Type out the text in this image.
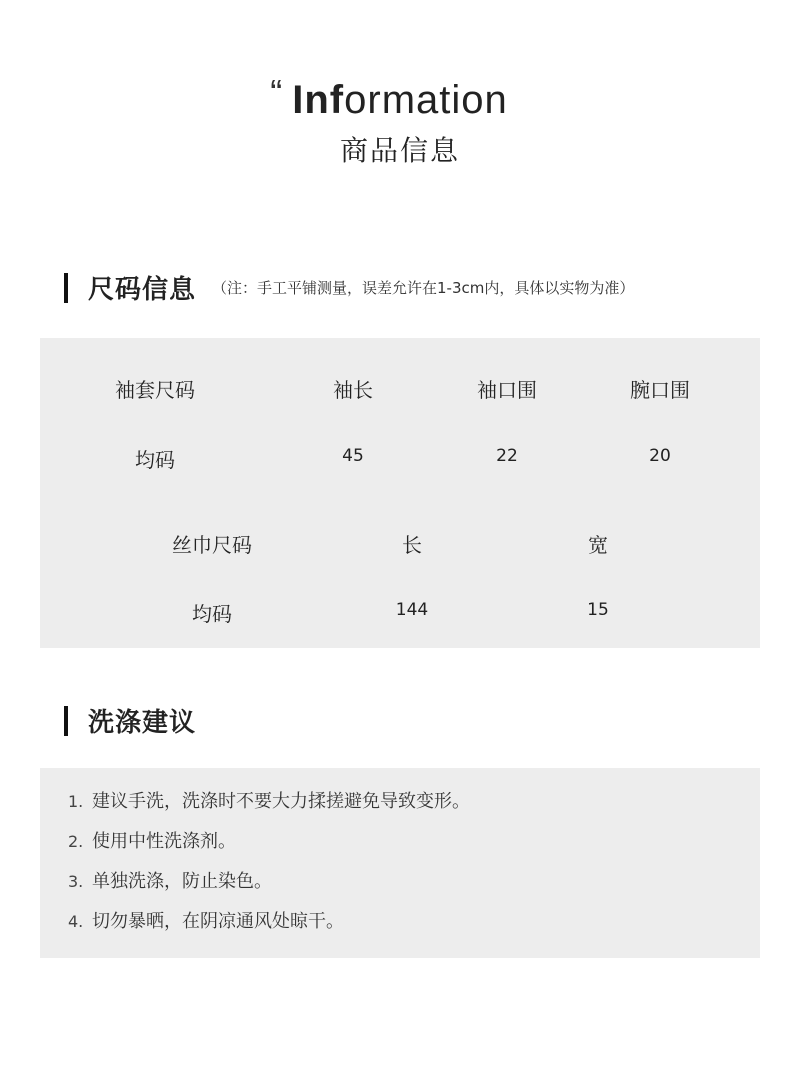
“ Information
商品信息
尺码信息 （注：手工平铺测量，误差允许在1-3cm内，具体以实物为准）
袖套尺码	袖长	袖口围	腕口围
均码	45	22	20
丝巾尺码	长	宽
均码	144	15
洗涤建议
1. 建议手洗，洗涤时不要大力揉搓避免导致变形。
2. 使用中性洗涤剂。
3. 单独洗涤，防止染色。
4. 切勿暴晒，在阴凉通风处晾干。
